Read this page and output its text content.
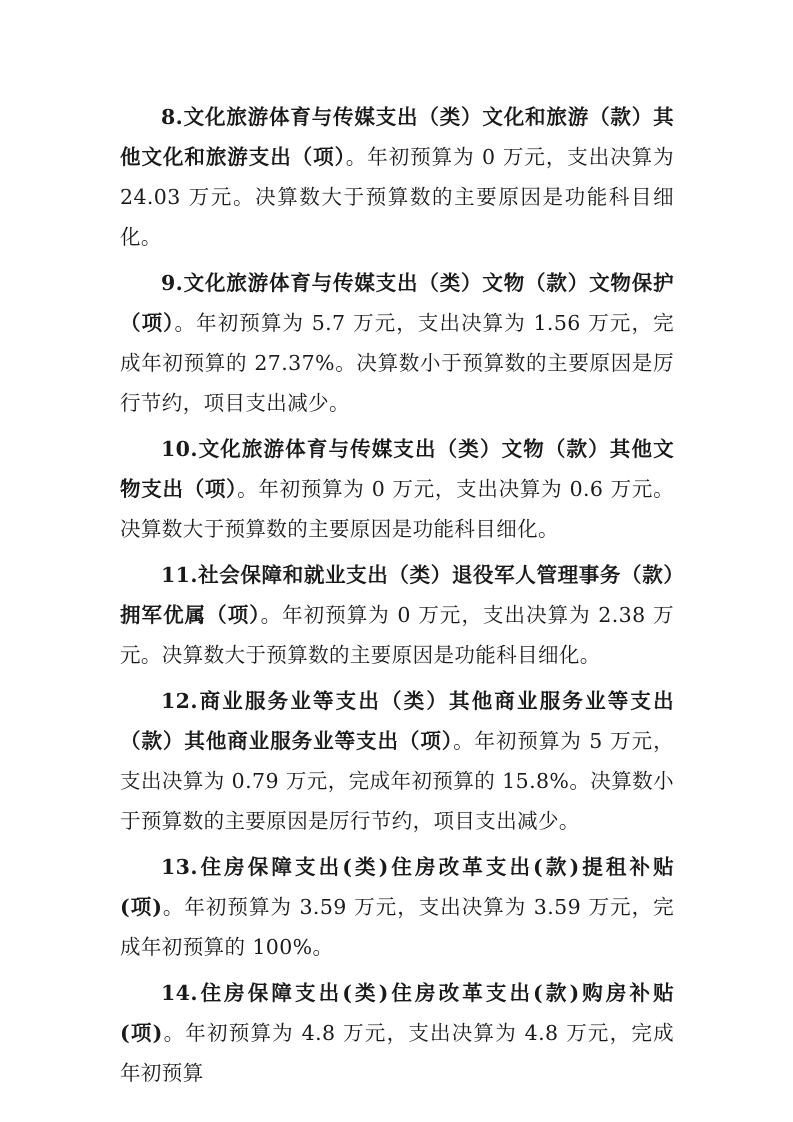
8.文化旅游体育与传媒支出（类）文化和旅游（款）其他文化和旅游支出（项）。年初预算为 0 万元，支出决算为 24.03 万元。决算数大于预算数的主要原因是功能科目细化。

9.文化旅游体育与传媒支出（类）文物（款）文物保护（项）。年初预算为 5.7 万元，支出决算为 1.56 万元，完成年初预算的 27.37%。决算数小于预算数的主要原因是厉行节约，项目支出减少。

10.文化旅游体育与传媒支出（类）文物（款）其他文物支出（项）。年初预算为 0 万元，支出决算为 0.6 万元。决算数大于预算数的主要原因是功能科目细化。

11.社会保障和就业支出（类）退役军人管理事务（款）拥军优属（项）。年初预算为 0 万元，支出决算为 2.38 万元。决算数大于预算数的主要原因是功能科目细化。

12.商业服务业等支出（类）其他商业服务业等支出（款）其他商业服务业等支出（项）。年初预算为 5 万元，支出决算为 0.79 万元，完成年初预算的 15.8%。决算数小于预算数的主要原因是厉行节约，项目支出减少。

13.住房保障支出(类)住房改革支出(款)提租补贴(项)。年初预算为 3.59 万元，支出决算为 3.59 万元，完成年初预算的 100%。

14.住房保障支出(类)住房改革支出(款)购房补贴(项)。年初预算为 4.8 万元，支出决算为 4.8 万元，完成年初预算
